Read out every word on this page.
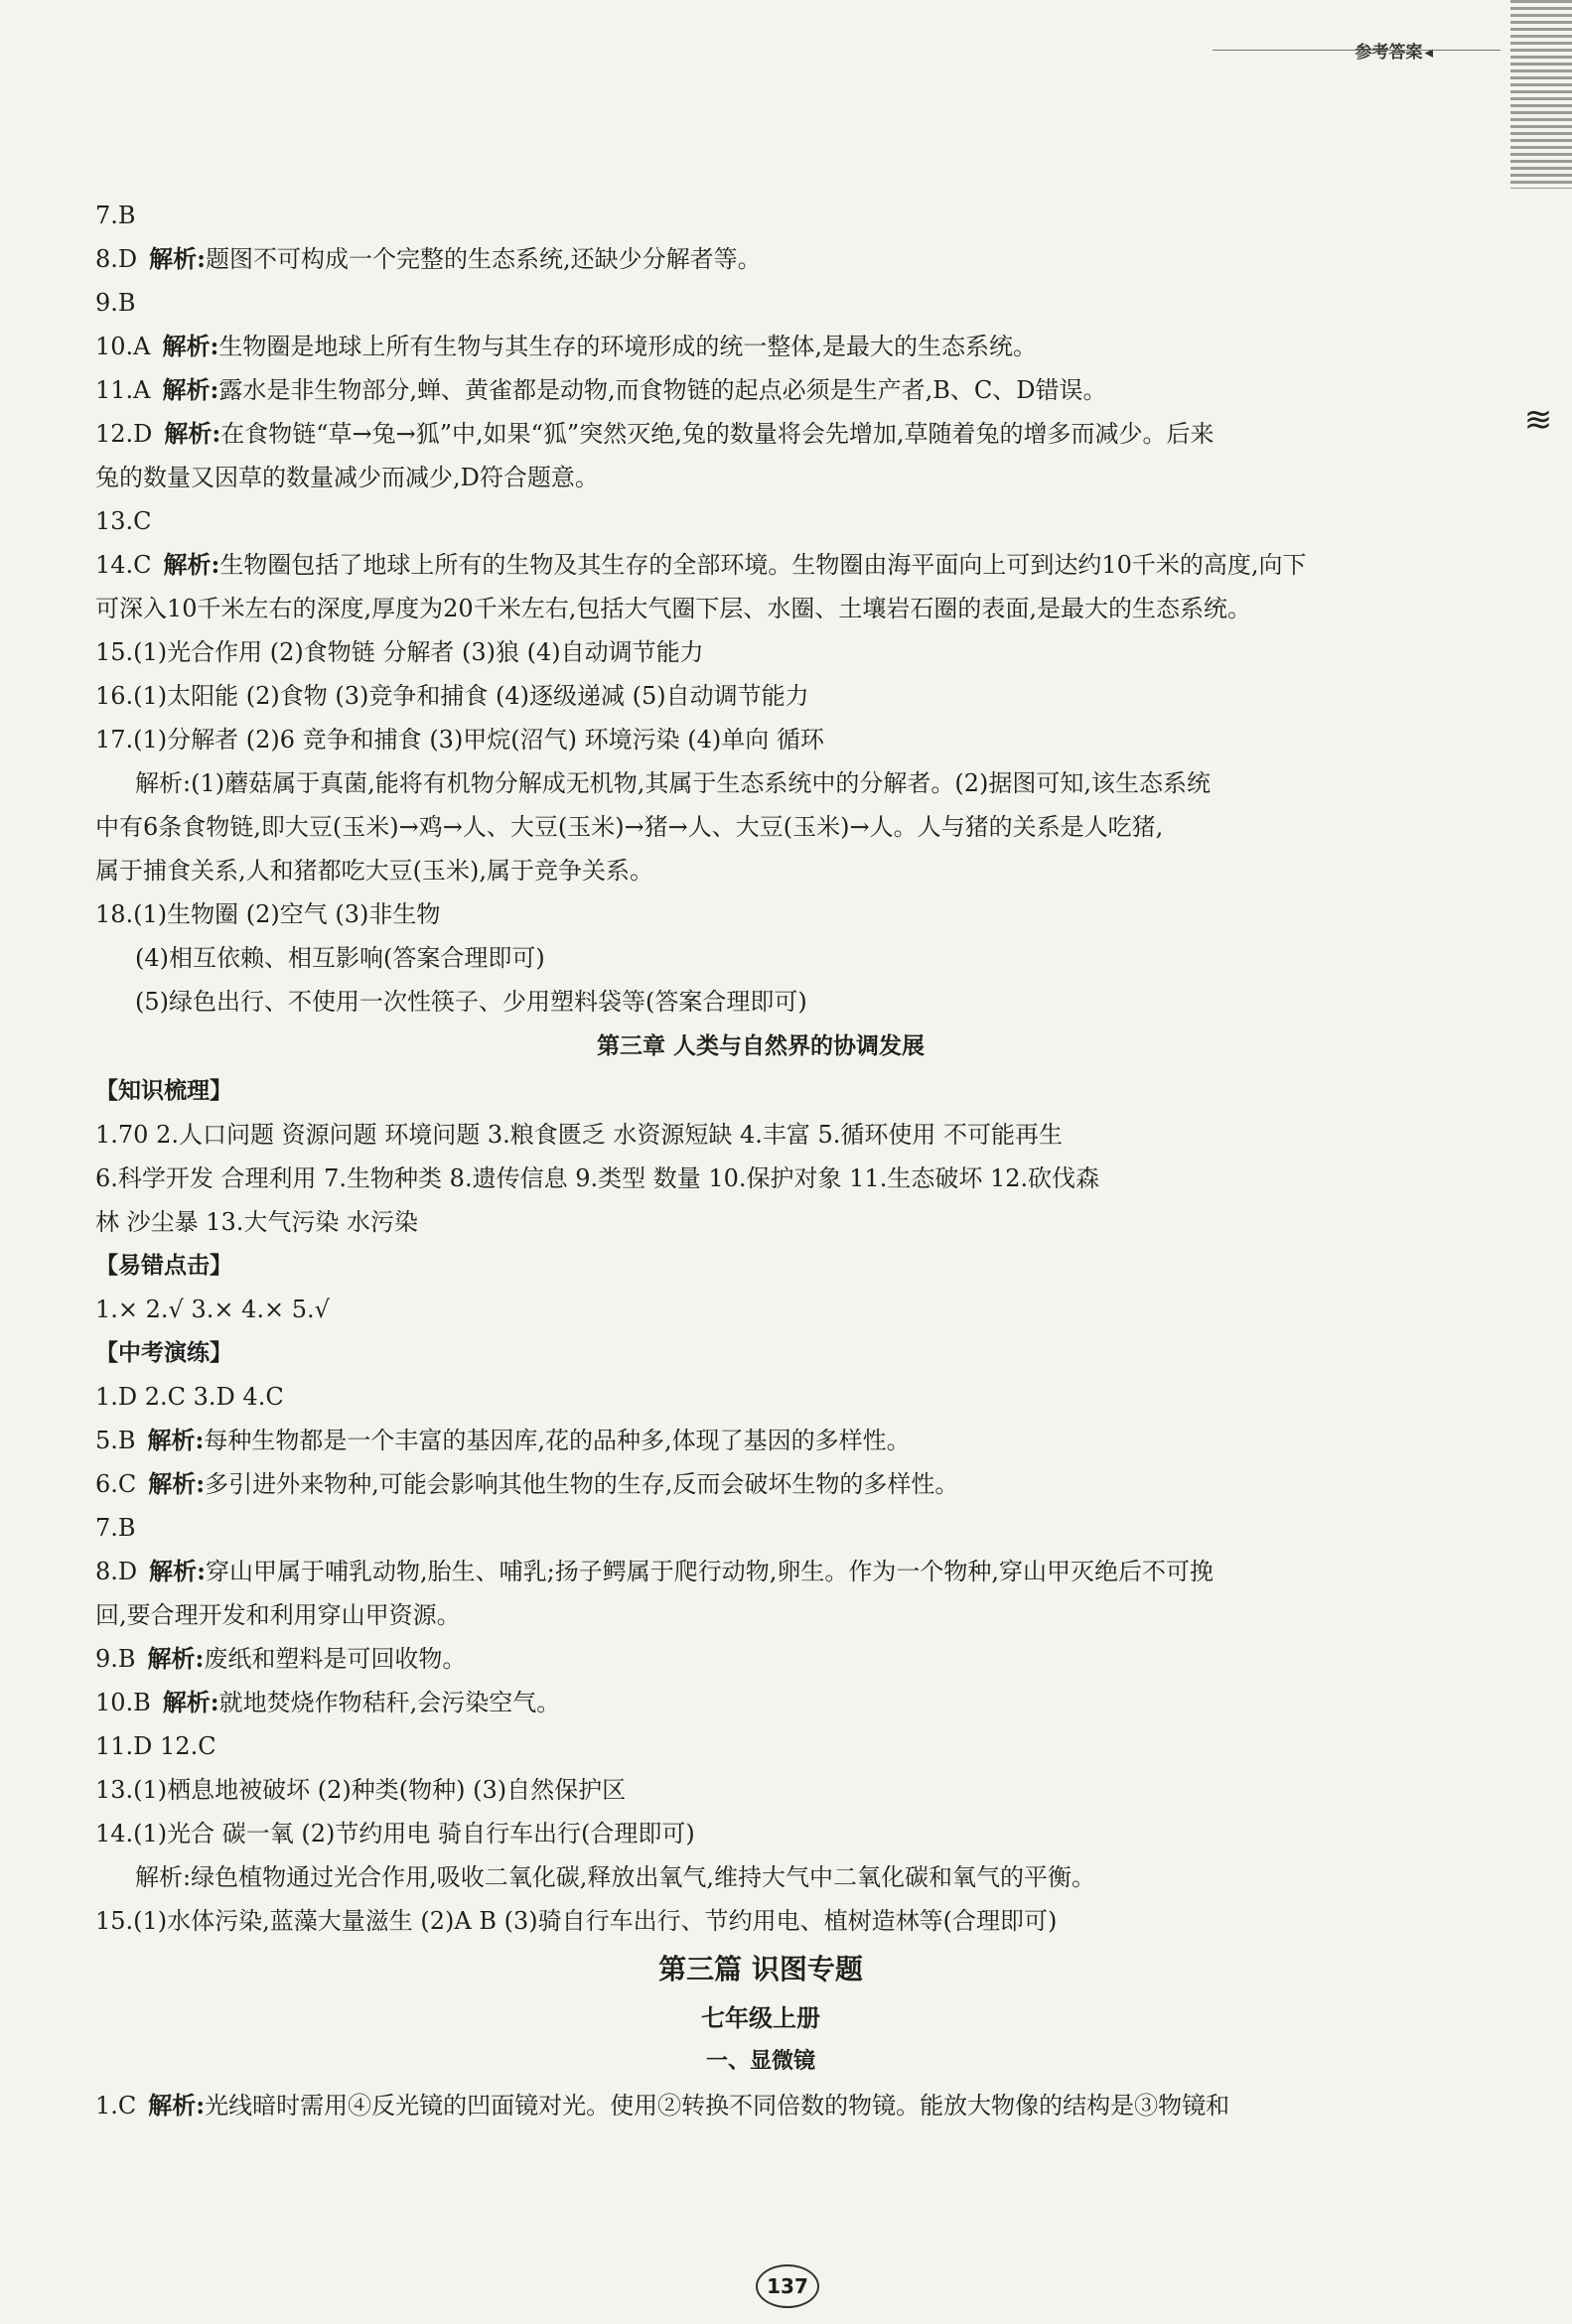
≋
参考答案 ◂
7.B
8.D 解析:题图不可构成一个完整的生态系统,还缺少分解者等。
9.B
10.A 解析:生物圈是地球上所有生物与其生存的环境形成的统一整体,是最大的生态系统。
11.A 解析:露水是非生物部分,蝉、黄雀都是动物,而食物链的起点必须是生产者,B、C、D错误。
12.D 解析:在食物链“草→兔→狐”中,如果“狐”突然灭绝,兔的数量将会先增加,草随着兔的增多而减少。后来
兔的数量又因草的数量减少而减少,D符合题意。
13.C
14.C 解析:生物圈包括了地球上所有的生物及其生存的全部环境。生物圈由海平面向上可到达约10千米的高度,向下
可深入10千米左右的深度,厚度为20千米左右,包括大气圈下层、水圈、土壤岩石圈的表面,是最大的生态系统。
15.(1)光合作用 (2)食物链 分解者 (3)狼 (4)自动调节能力
16.(1)太阳能 (2)食物 (3)竞争和捕食 (4)逐级递减 (5)自动调节能力
17.(1)分解者 (2)6 竞争和捕食 (3)甲烷(沼气) 环境污染 (4)单向 循环
解析:(1)蘑菇属于真菌,能将有机物分解成无机物,其属于生态系统中的分解者。(2)据图可知,该生态系统
中有6条食物链,即大豆(玉米)→鸡→人、大豆(玉米)→猪→人、大豆(玉米)→人。人与猪的关系是人吃猪,
属于捕食关系,人和猪都吃大豆(玉米),属于竞争关系。
18.(1)生物圈 (2)空气 (3)非生物
(4)相互依赖、相互影响(答案合理即可)
(5)绿色出行、不使用一次性筷子、少用塑料袋等(答案合理即可)
第三章 人类与自然界的协调发展
【知识梳理】
1.70 2.人口问题 资源问题 环境问题 3.粮食匮乏 水资源短缺 4.丰富 5.循环使用 不可能再生
6.科学开发 合理利用 7.生物种类 8.遗传信息 9.类型 数量 10.保护对象 11.生态破坏 12.砍伐森
林 沙尘暴 13.大气污染 水污染
【易错点击】
1.× 2.√ 3.× 4.× 5.√
【中考演练】
1.D 2.C 3.D 4.C
5.B 解析:每种生物都是一个丰富的基因库,花的品种多,体现了基因的多样性。
6.C 解析:多引进外来物种,可能会影响其他生物的生存,反而会破坏生物的多样性。
7.B
8.D 解析:穿山甲属于哺乳动物,胎生、哺乳;扬子鳄属于爬行动物,卵生。作为一个物种,穿山甲灭绝后不可挽
回,要合理开发和利用穿山甲资源。
9.B 解析:废纸和塑料是可回收物。
10.B 解析:就地焚烧作物秸秆,会污染空气。
11.D 12.C
13.(1)栖息地被破坏 (2)种类(物种) (3)自然保护区
14.(1)光合 碳一氧 (2)节约用电 骑自行车出行(合理即可)
解析:绿色植物通过光合作用,吸收二氧化碳,释放出氧气,维持大气中二氧化碳和氧气的平衡。
15.(1)水体污染,蓝藻大量滋生 (2)A B (3)骑自行车出行、节约用电、植树造林等(合理即可)
第三篇 识图专题
七年级上册
一、显微镜
1.C 解析:光线暗时需用④反光镜的凹面镜对光。使用②转换不同倍数的物镜。能放大物像的结构是③物镜和
137
